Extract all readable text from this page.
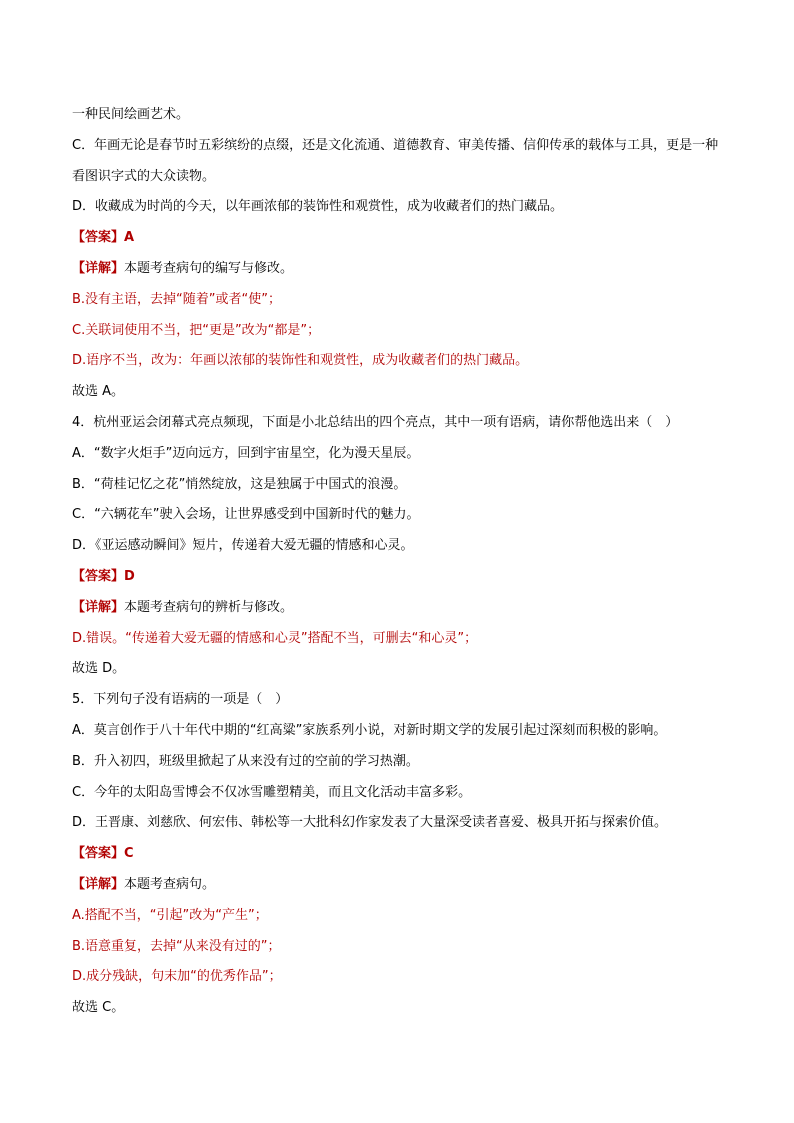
一种民间绘画艺术。
C．年画无论是春节时五彩缤纷的点缀，还是文化流通、道德教育、审美传播、信仰传承的载体与工具，更是一种看图识字式的大众读物。
D．收藏成为时尚的今天，以年画浓郁的装饰性和观赏性，成为收藏者们的热门藏品。
【答案】A
【详解】本题考查病句的编写与修改。
B.没有主语，去掉“随着”或者“使”；
C.关联词使用不当，把“更是”改为“都是”；
D.语序不当，改为：年画以浓郁的装饰性和观赏性，成为收藏者们的热门藏品。
故选 A。
4．杭州亚运会闭幕式亮点频现，下面是小北总结出的四个亮点，其中一项有语病，请你帮他选出来（　）
A．“数字火炬手”迈向远方，回到宇宙星空，化为漫天星辰。
B．“荷桂记忆之花”悄然绽放，这是独属于中国式的浪漫。
C．“六辆花车”驶入会场，让世界感受到中国新时代的魅力。
D．《亚运感动瞬间》短片，传递着大爱无疆的情感和心灵。
【答案】D
【详解】本题考查病句的辨析与修改。
D.错误。“传递着大爱无疆的情感和心灵”搭配不当，可删去“和心灵”；
故选 D。
5．下列句子没有语病的一项是（　）
A．莫言创作于八十年代中期的“红高粱”家族系列小说，对新时期文学的发展引起过深刻而积极的影响。
B．升入初四，班级里掀起了从来没有过的空前的学习热潮。
C．今年的太阳岛雪博会不仅冰雪雕塑精美，而且文化活动丰富多彩。
D．王晋康、刘慈欣、何宏伟、韩松等一大批科幻作家发表了大量深受读者喜爱、极具开拓与探索价值。
【答案】C
【详解】本题考查病句。
A.搭配不当，“引起”改为“产生”；
B.语意重复，去掉“从来没有过的”；
D.成分残缺，句末加“的优秀作品”；
故选 C。
